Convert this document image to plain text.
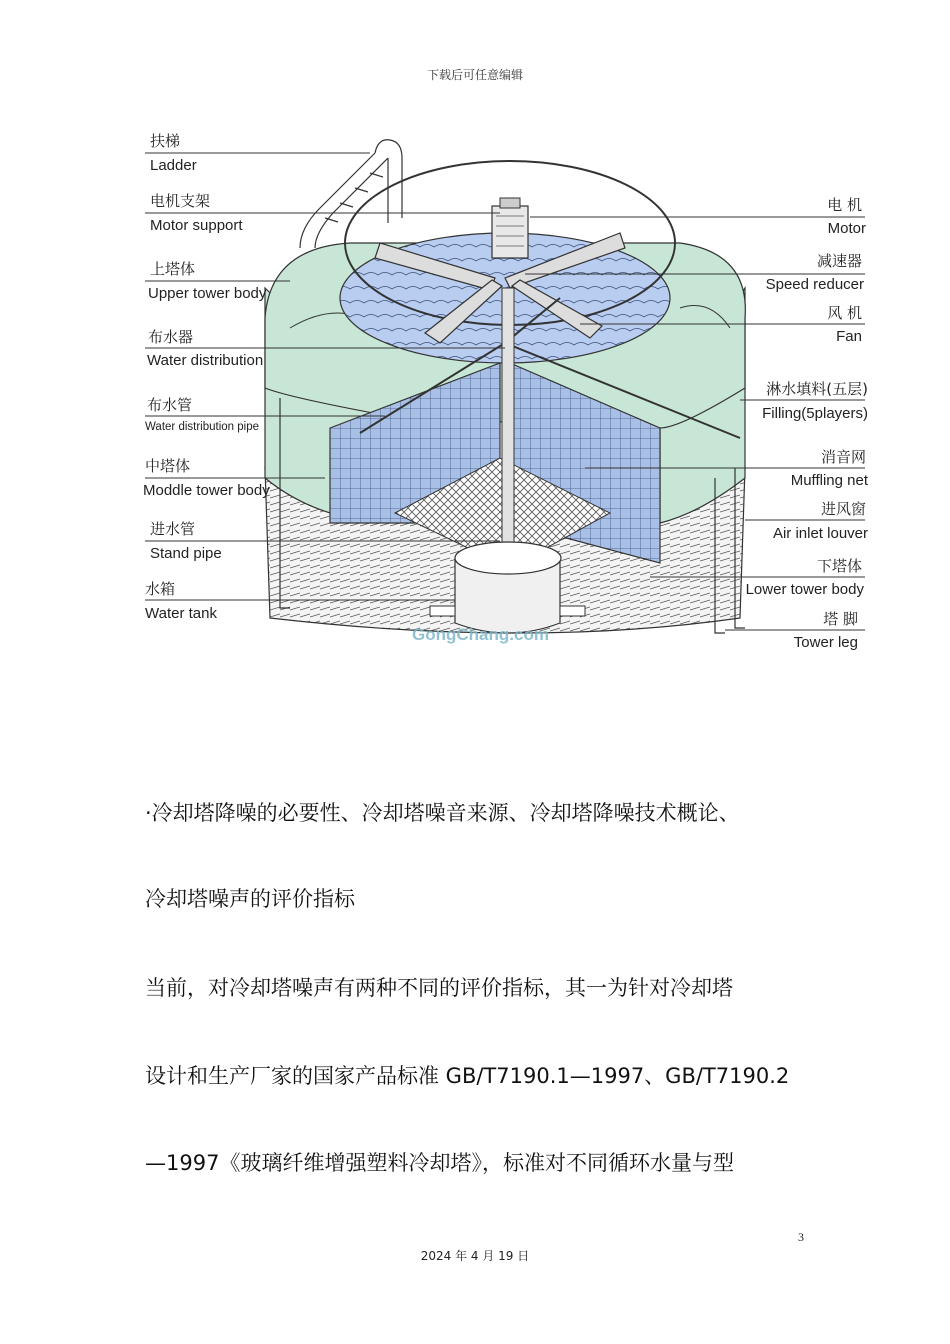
下载后可任意编辑
GongChang.com
扶梯
Ladder
电机支架
Motor support
上塔体
Upper tower body
布水器
Water distribution
布水管
Water distribution pipe
中塔体
Moddle tower body
进水管
Stand pipe
水箱
Water tank
电 机
Motor
减速器
Speed reducer
风 机
Fan
淋水填料(五层)
Filling(5players)
消音网
Muffling net
进风窗
Air inlet louver
下塔体
Lower tower body
塔 脚
Tower leg
·冷却塔降噪的必要性、冷却塔噪音来源、冷却塔降噪技术概论、
冷却塔噪声的评价指标
当前，对冷却塔噪声有两种不同的评价指标，其一为针对冷却塔
设计和生产厂家的国家产品标准 GB/T7190.1—1997、GB/T7190.2
—1997《玻璃纤维增强塑料冷却塔》，标准对不同循环水量与型
3
2024 年 4 月 19 日
